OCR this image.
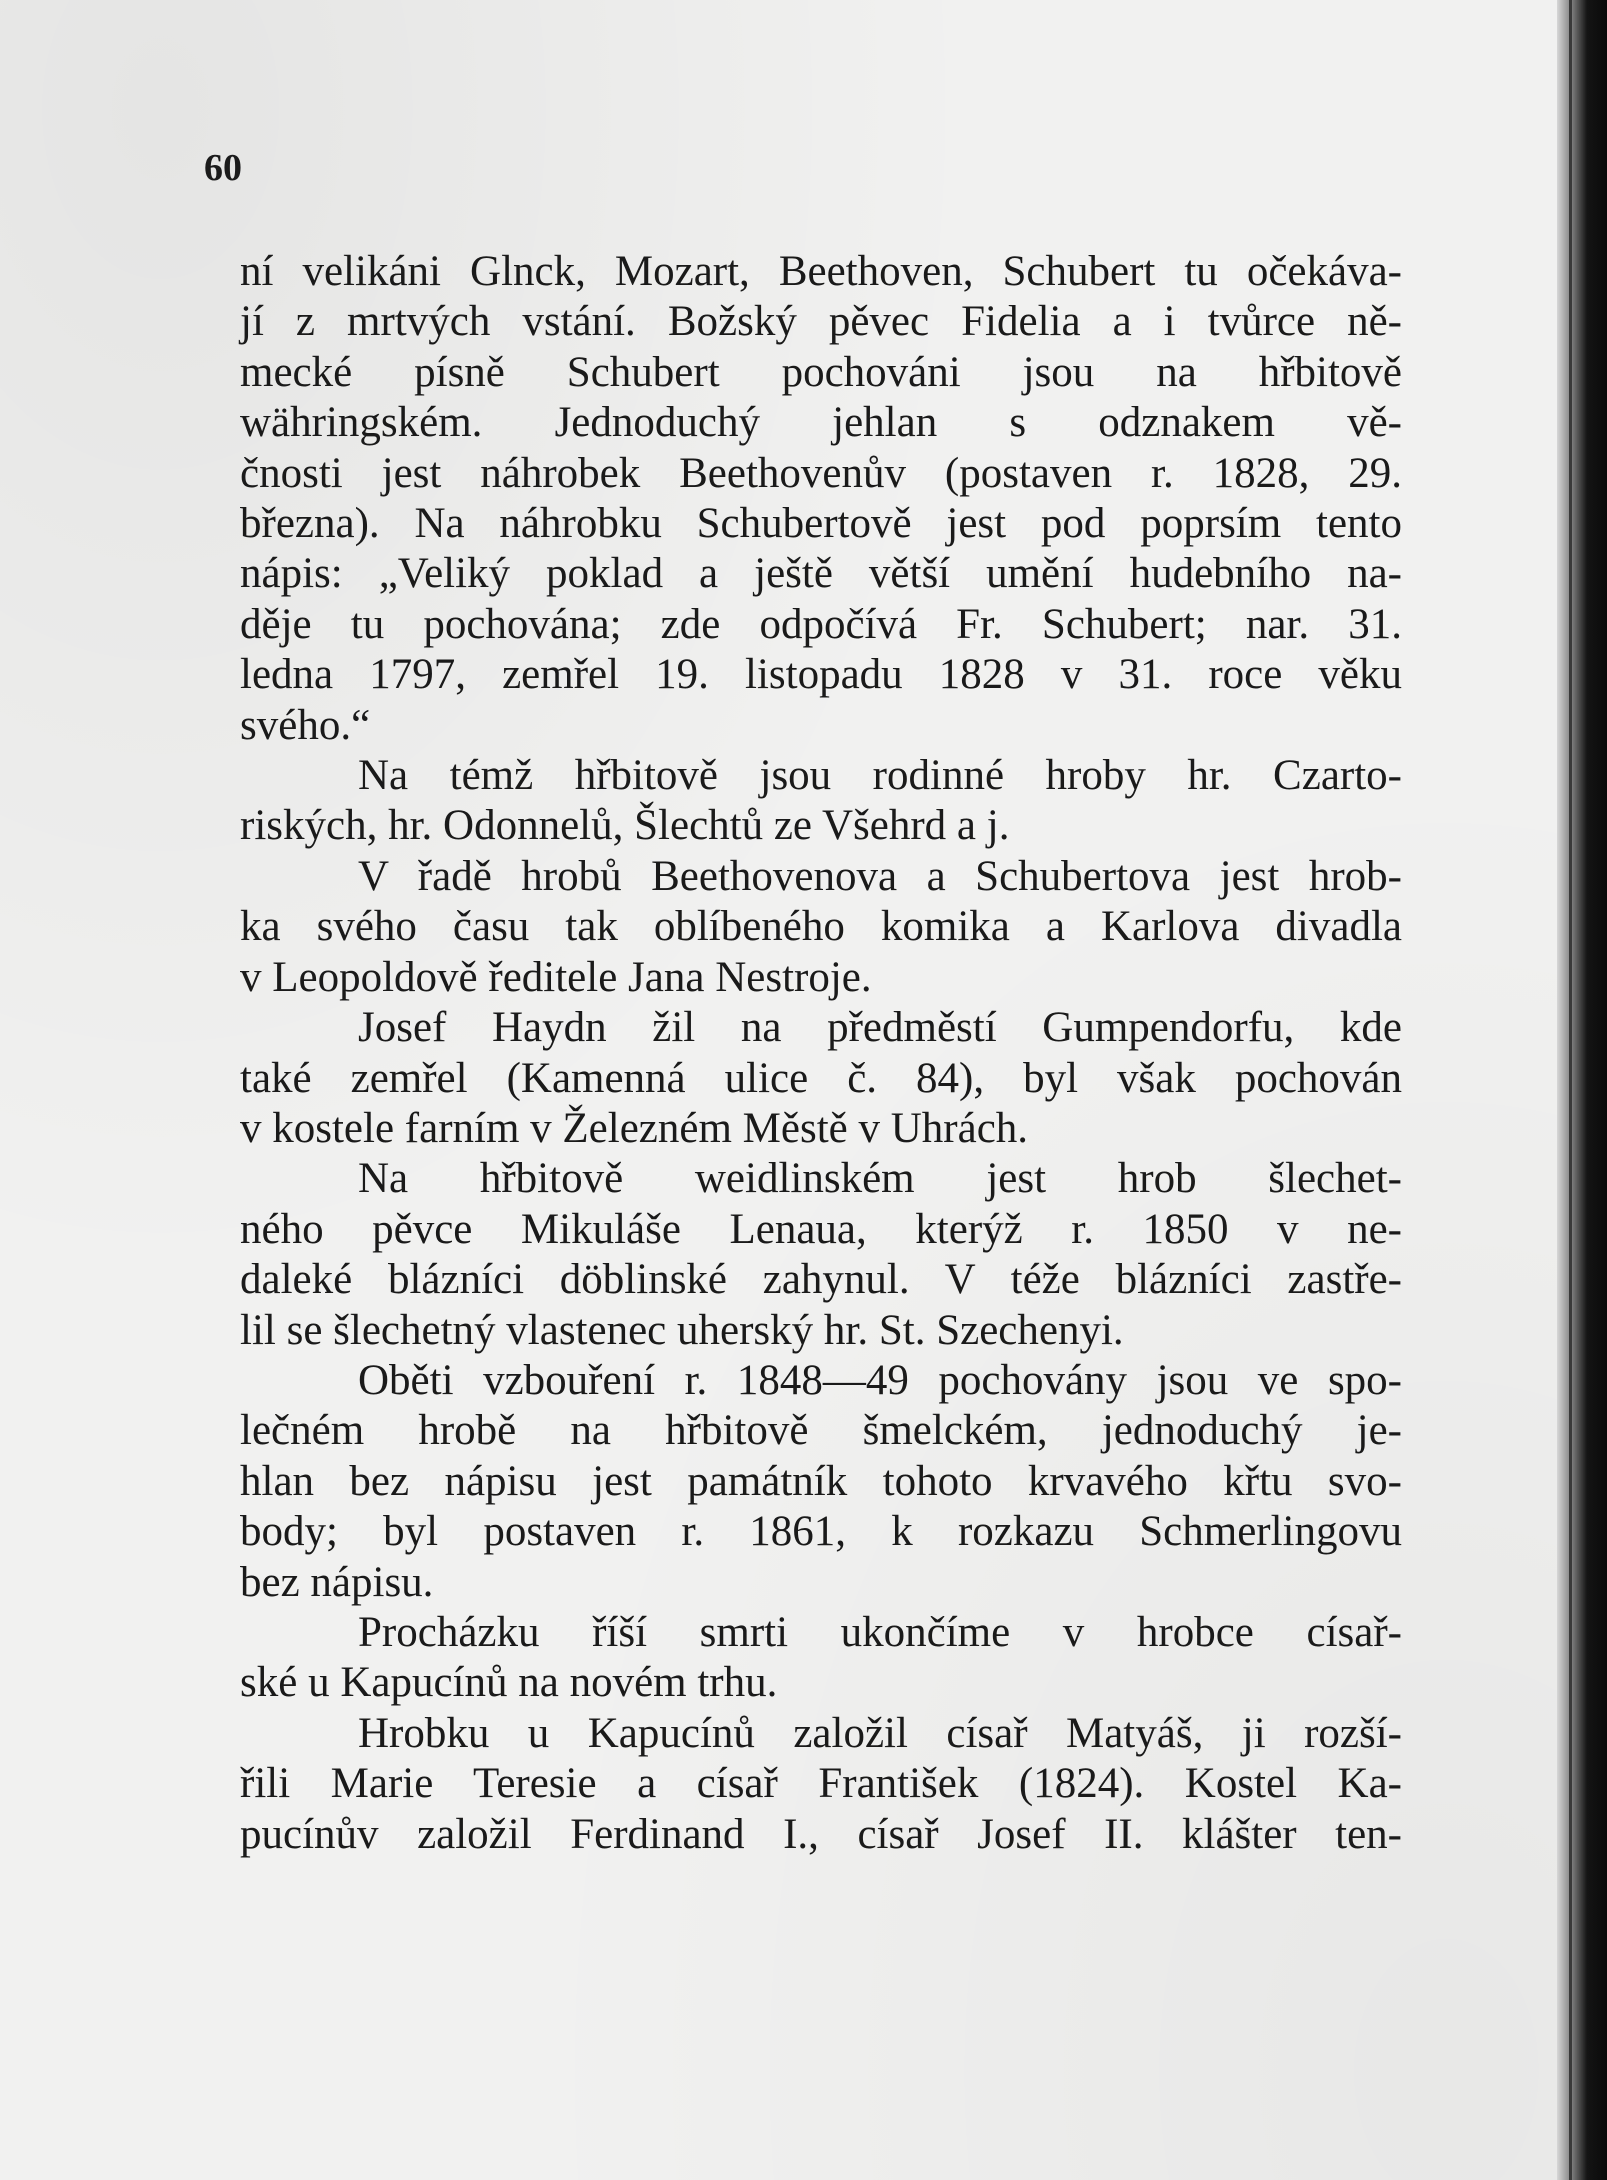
60
ní velikáni Glnck, Mozart, Beethoven, Schubert tu očekáva-
jí z mrtvých vstání. Božský pěvec Fidelia a i tvůrce ně-
mecké písně Schubert pochováni jsou na hřbitově
währingském. Jednoduchý jehlan s odznakem vě-
čnosti jest náhrobek Beethovenův (postaven r. 1828, 29.
března). Na náhrobku Schubertově jest pod poprsím tento
nápis: „Veliký poklad a ještě větší umění hudebního na-
děje tu pochována; zde odpočívá Fr. Schubert; nar. 31.
ledna 1797, zemřel 19. listopadu 1828 v 31. roce věku
svého.“
Na témž hřbitově jsou rodinné hroby hr. Czarto-
riských, hr. Odonnelů, Šlechtů ze Všehrd a j.
V řadě hrobů Beethovenova a Schubertova jest hrob-
ka svého času tak oblíbeného komika a Karlova divadla
v Leopoldově ředitele Jana Nestroje.
Josef Haydn žil na předměstí Gumpendorfu, kde
také zemřel (Kamenná ulice č. 84), byl však pochován
v kostele farním v Železném Městě v Uhrách.
Na hřbitově weidlinském jest hrob šlechet-
ného pěvce Mikuláše Lenaua, kterýž r. 1850 v ne-
daleké blázníci döblinské zahynul. V téže blázníci zastře-
lil se šlechetný vlastenec uherský hr. St. Szechenyi.
Oběti vzbouření r. 1848—49 pochovány jsou ve spo-
lečném hrobě na hřbitově šmelckém, jednoduchý je-
hlan bez nápisu jest památník tohoto krvavého křtu svo-
body; byl postaven r. 1861, k rozkazu Schmerlingovu
bez nápisu.
Procházku říší smrti ukončíme v hrobce císař-
ské u Kapucínů na novém trhu.
Hrobku u Kapucínů založil císař Matyáš, ji rozší-
řili Marie Teresie a císař František (1824). Kostel Ka-
pucínův založil Ferdinand I., císař Josef II. klášter ten-
